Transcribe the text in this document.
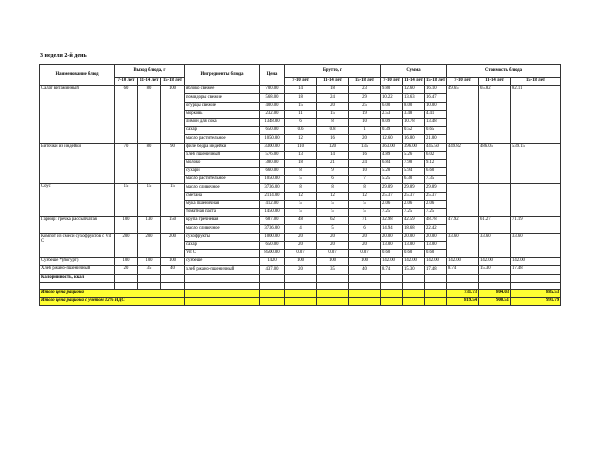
3 неделя 2-й день
Наименование блюд	Выход блюда, г			Ингредиенты блюда	Цена	Брутто, г			Сумма			Стоимость блюда		
	7-10 лет	11-14 лет	15-18 лет			7-10 лет	11-14 лет	15-18 лет	7-10 лет	11-14 лет	15-18 лет	7-10 лет	11-14 лет	15-18 лет
Салат витаминный	60	80	100	яблоко свежее	700.00	14	18	23	9.80	12.60	16.10	49.65	65.82	82.11
				помидоры свежие	568.00	18	24	29	10.22	13.63	16.47			
				огурцы свежие	400.00	15	20	25	6.00	8.00	10.00			
				морковь	232.00	11	15	19	2.53	3.48	4.41			
				лимон для сока	1348.00	6	8	10	8.09	10.78	13.48			
				сахар	650.00	0.6	0.8	1	0.39	0.52	0.65			
				масло растительное	1050.00	12	16	20	12.60	16.80	21.00			
Биточки из индейки	70	80	90	филе бедра индейки	3300.00	110	120	135	363.00	396.00	445.50	449.82	486.05	539.15
				хлеб пшеничный	576.00	13	14	16	4.89	5.26	6.02			
				молоко	380.00	18	21	24	6.84	7.98	9.12			
				сухари	660.00	8	9	10	5.28	5.94	6.60			
				масло растительное	1050.00	5	6	7	5.25	6.30	7.35			
Соус	15	15	15	масло сливочное	3736.00	8	8	8	29.89	29.89	29.89			
				сметана	2114.00	12	12	12	25.37	25.37	25.37			
				мука пшеничная	412.00	5	5	5	2.06	2.06	2.06			
				томатная паста	1450.00	5	5	5	7.25	7.25	7.25			
Гарнир: гречка рассыпчатая	100	130	150	крупа гречневая	687.00	48	62	71	32.98	42.59	48.78	47.92	61.27	71.19
				масло сливочное	3736.00	4	5	6	14.94	18.68	22.42			
Компот из смеси сухофруктов с Vit C	200	200	200	сухофрукты	1000.00	20	20	20	20.00	20.00	20.00	33.60	33.60	33.60
				сахар	650.00	20	20	20	13.00	13.00	13.00			
				Vit C	8500.00	0.07	0.07	0.07	0.60	0.60	0.60			
Сузбеше *(йогурт)	100	100	100	сузбеше	1420	100	100	100	142.00	142.00	142.00	142.00	142.00	142.00
Хлеб ржано-пшеничный	20	35	40	хлеб ржано-пшеничный	437.00	20	35	40	8.74	15.30	17.48	8.74	15.30	17.48
Калорийность, ккал														

Итого цена рациона												731.73	804.03	885.53
Итого цена рациона с учетом 12% НДС												819.54	900.51	991.79
